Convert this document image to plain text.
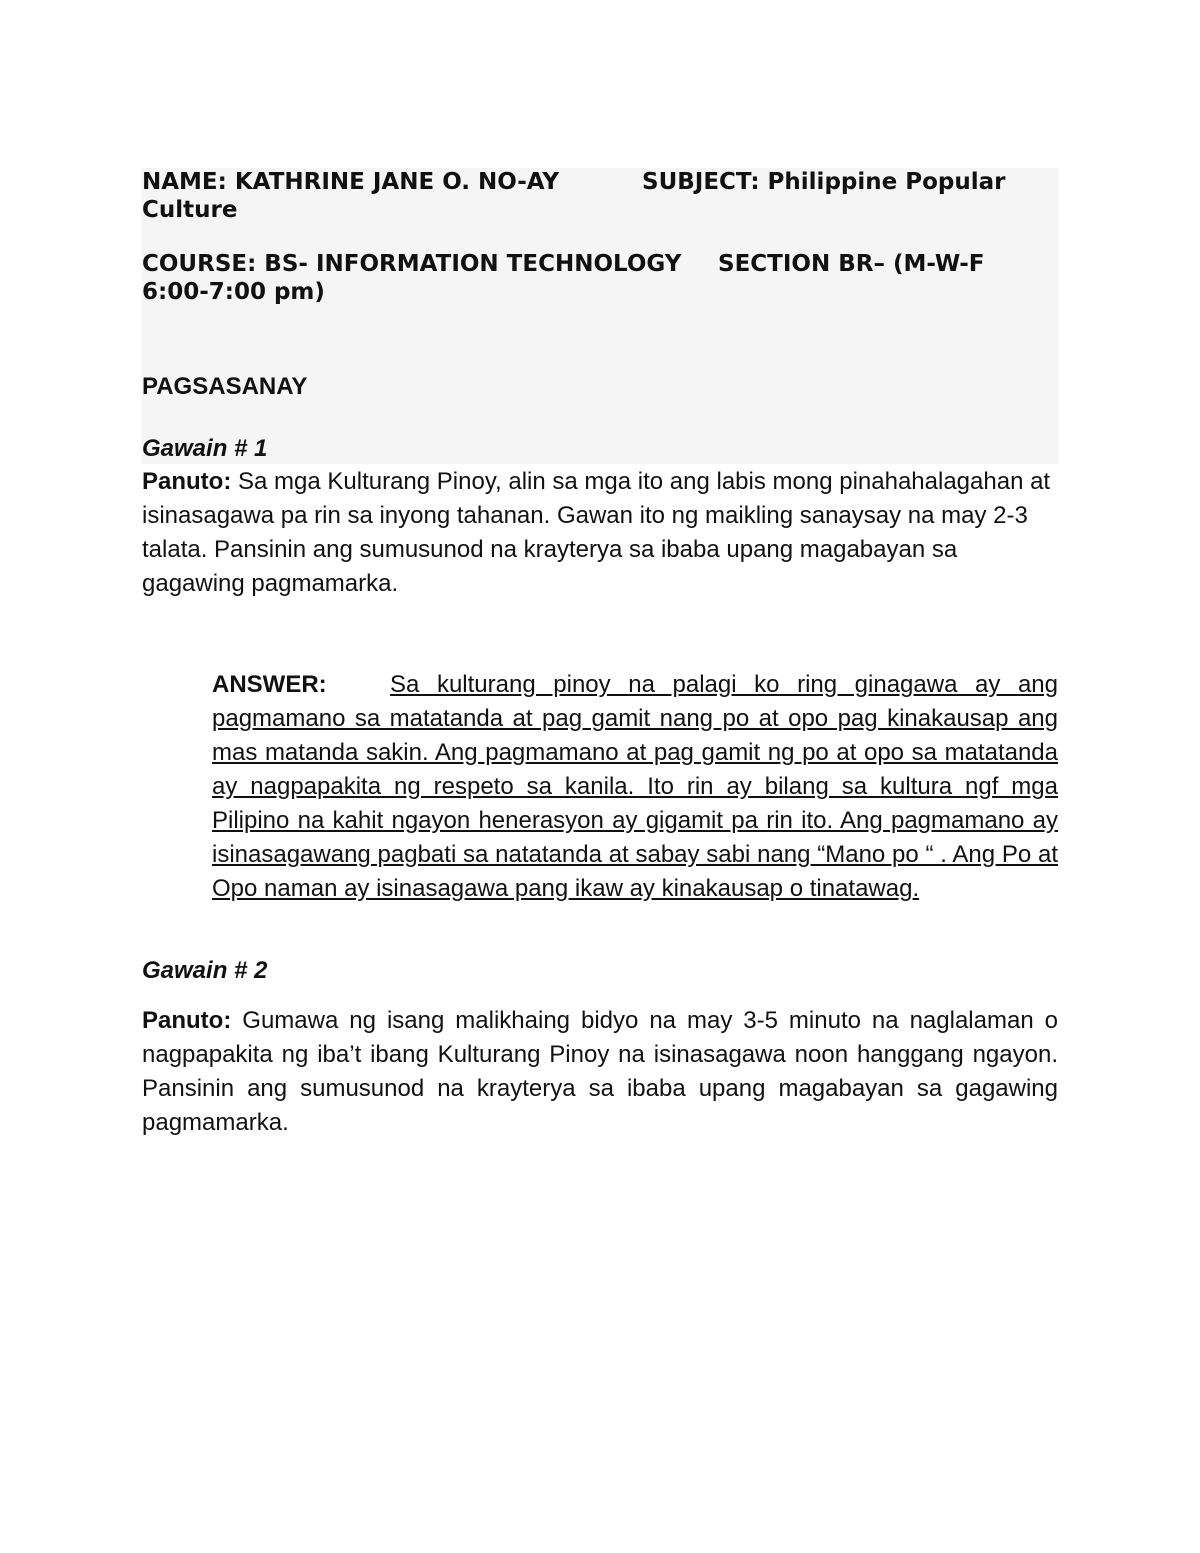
NAME: KATHRINE JANE O. NO-AY	SUBJECT: Philippine Popular
Culture
COURSE: BS- INFORMATION TECHNOLOGY	SECTION BR– (M-W-F
6:00-7:00 pm)
PAGSASANAY
Gawain # 1
Panuto: Sa mga Kulturang Pinoy, alin sa mga ito ang labis mong pinahahalagahan at isinasagawa pa rin sa inyong tahanan. Gawan ito ng maikling sanaysay na may 2-3 talata. Pansinin ang sumusunod na krayterya sa ibaba upang magabayan sa gagawing pagmamarka.
ANSWER:	Sa kulturang pinoy na palagi ko ring ginagawa ay ang pagmamano sa matatanda at pag gamit nang po at opo pag kinakausap ang mas matanda sakin. Ang pagmamano at pag gamit ng po at opo sa matatanda ay nagpapakita ng respeto sa kanila. Ito rin ay bilang sa kultura ngf mga Pilipino na kahit ngayon henerasyon ay gigamit pa rin ito. Ang pagmamano ay isinasagawang pagbati sa natatanda at sabay sabi nang “Mano po “ . Ang Po at Opo naman ay isinasagawa pang ikaw ay kinakausap o tinatawag.
Gawain # 2
Panuto: Gumawa ng isang malikhaing bidyo na may 3-5 minuto na naglalaman o nagpapakita ng iba’t ibang Kulturang Pinoy na isinasagawa noon hanggang ngayon. Pansinin ang sumusunod na krayterya sa ibaba upang magabayan sa gagawing pagmamarka.
